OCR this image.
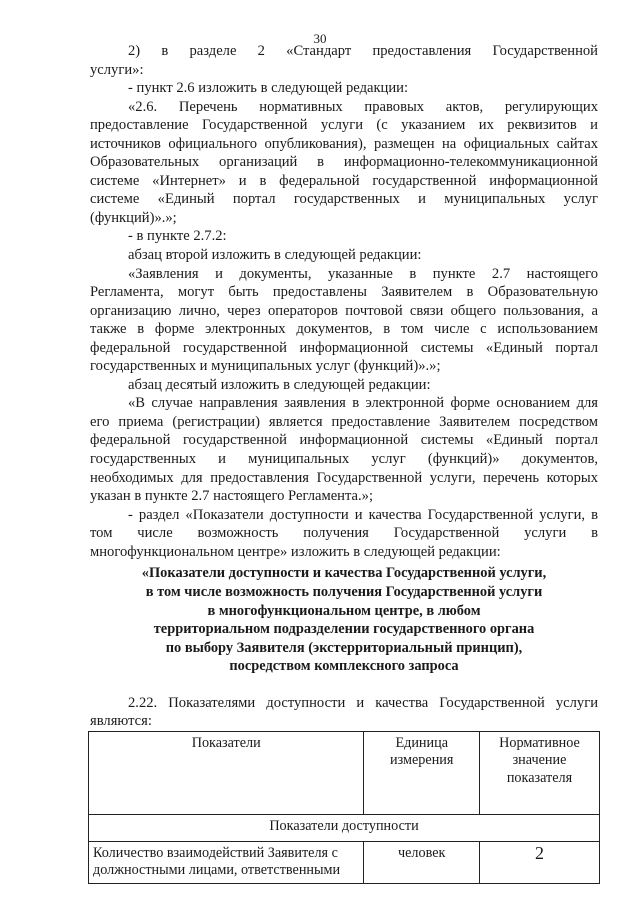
30

2) в разделе 2 «Стандарт предоставления Государственной

услуги»:

- пункт 2.6 изложить в следующей редакции:

«2.6. Перечень нормативных правовых актов, регулирующих

предоставление Государственной услуги (с указанием их реквизитов и

источников официального опубликования), размещен на официальных сайтах

Образовательных организаций в информационно-телекоммуникационной

системе «Интернет» и в федеральной государственной информационной

системе «Единый портал государственных и муниципальных услуг

(функций)».»;

- в пункте 2.7.2:

абзац второй изложить в следующей редакции:

«Заявления и документы, указанные в пункте 2.7 настоящего

Регламента, могут быть предоставлены Заявителем в Образовательную

организацию лично, через операторов почтовой связи общего пользования, а

также в форме электронных документов, в том числе с использованием

федеральной государственной информационной системы «Единый портал

государственных и муниципальных услуг (функций)».»;

абзац десятый изложить в следующей редакции:

«В случае направления заявления в электронной форме основанием для

его приема (регистрации) является предоставление Заявителем посредством

федеральной государственной информационной системы «Единый портал

государственных и муниципальных услуг (функций)» документов,

необходимых для предоставления Государственной услуги, перечень которых

указан в пункте 2.7 настоящего Регламента.»;

- раздел «Показатели доступности и качества Государственной услуги, в

том числе возможность получения Государственной услуги в

многофункциональном центре» изложить в следующей редакции:

«Показатели доступности и качества Государственной услуги,
в том числе возможность получения Государственной услуги
в многофункциональном центре, в любом
территориальном подразделении государственного органа
по выбору Заявителя (экстерриториальный принцип),
посредством комплексного запроса

2.22. Показателями доступности и качества Государственной услуги

являются:

Показатели	Единица измерения	Нормативное значение показателя
Показатели доступности		
Количество взаимодействий Заявителя с должностными лицами, ответственными	человек	2
